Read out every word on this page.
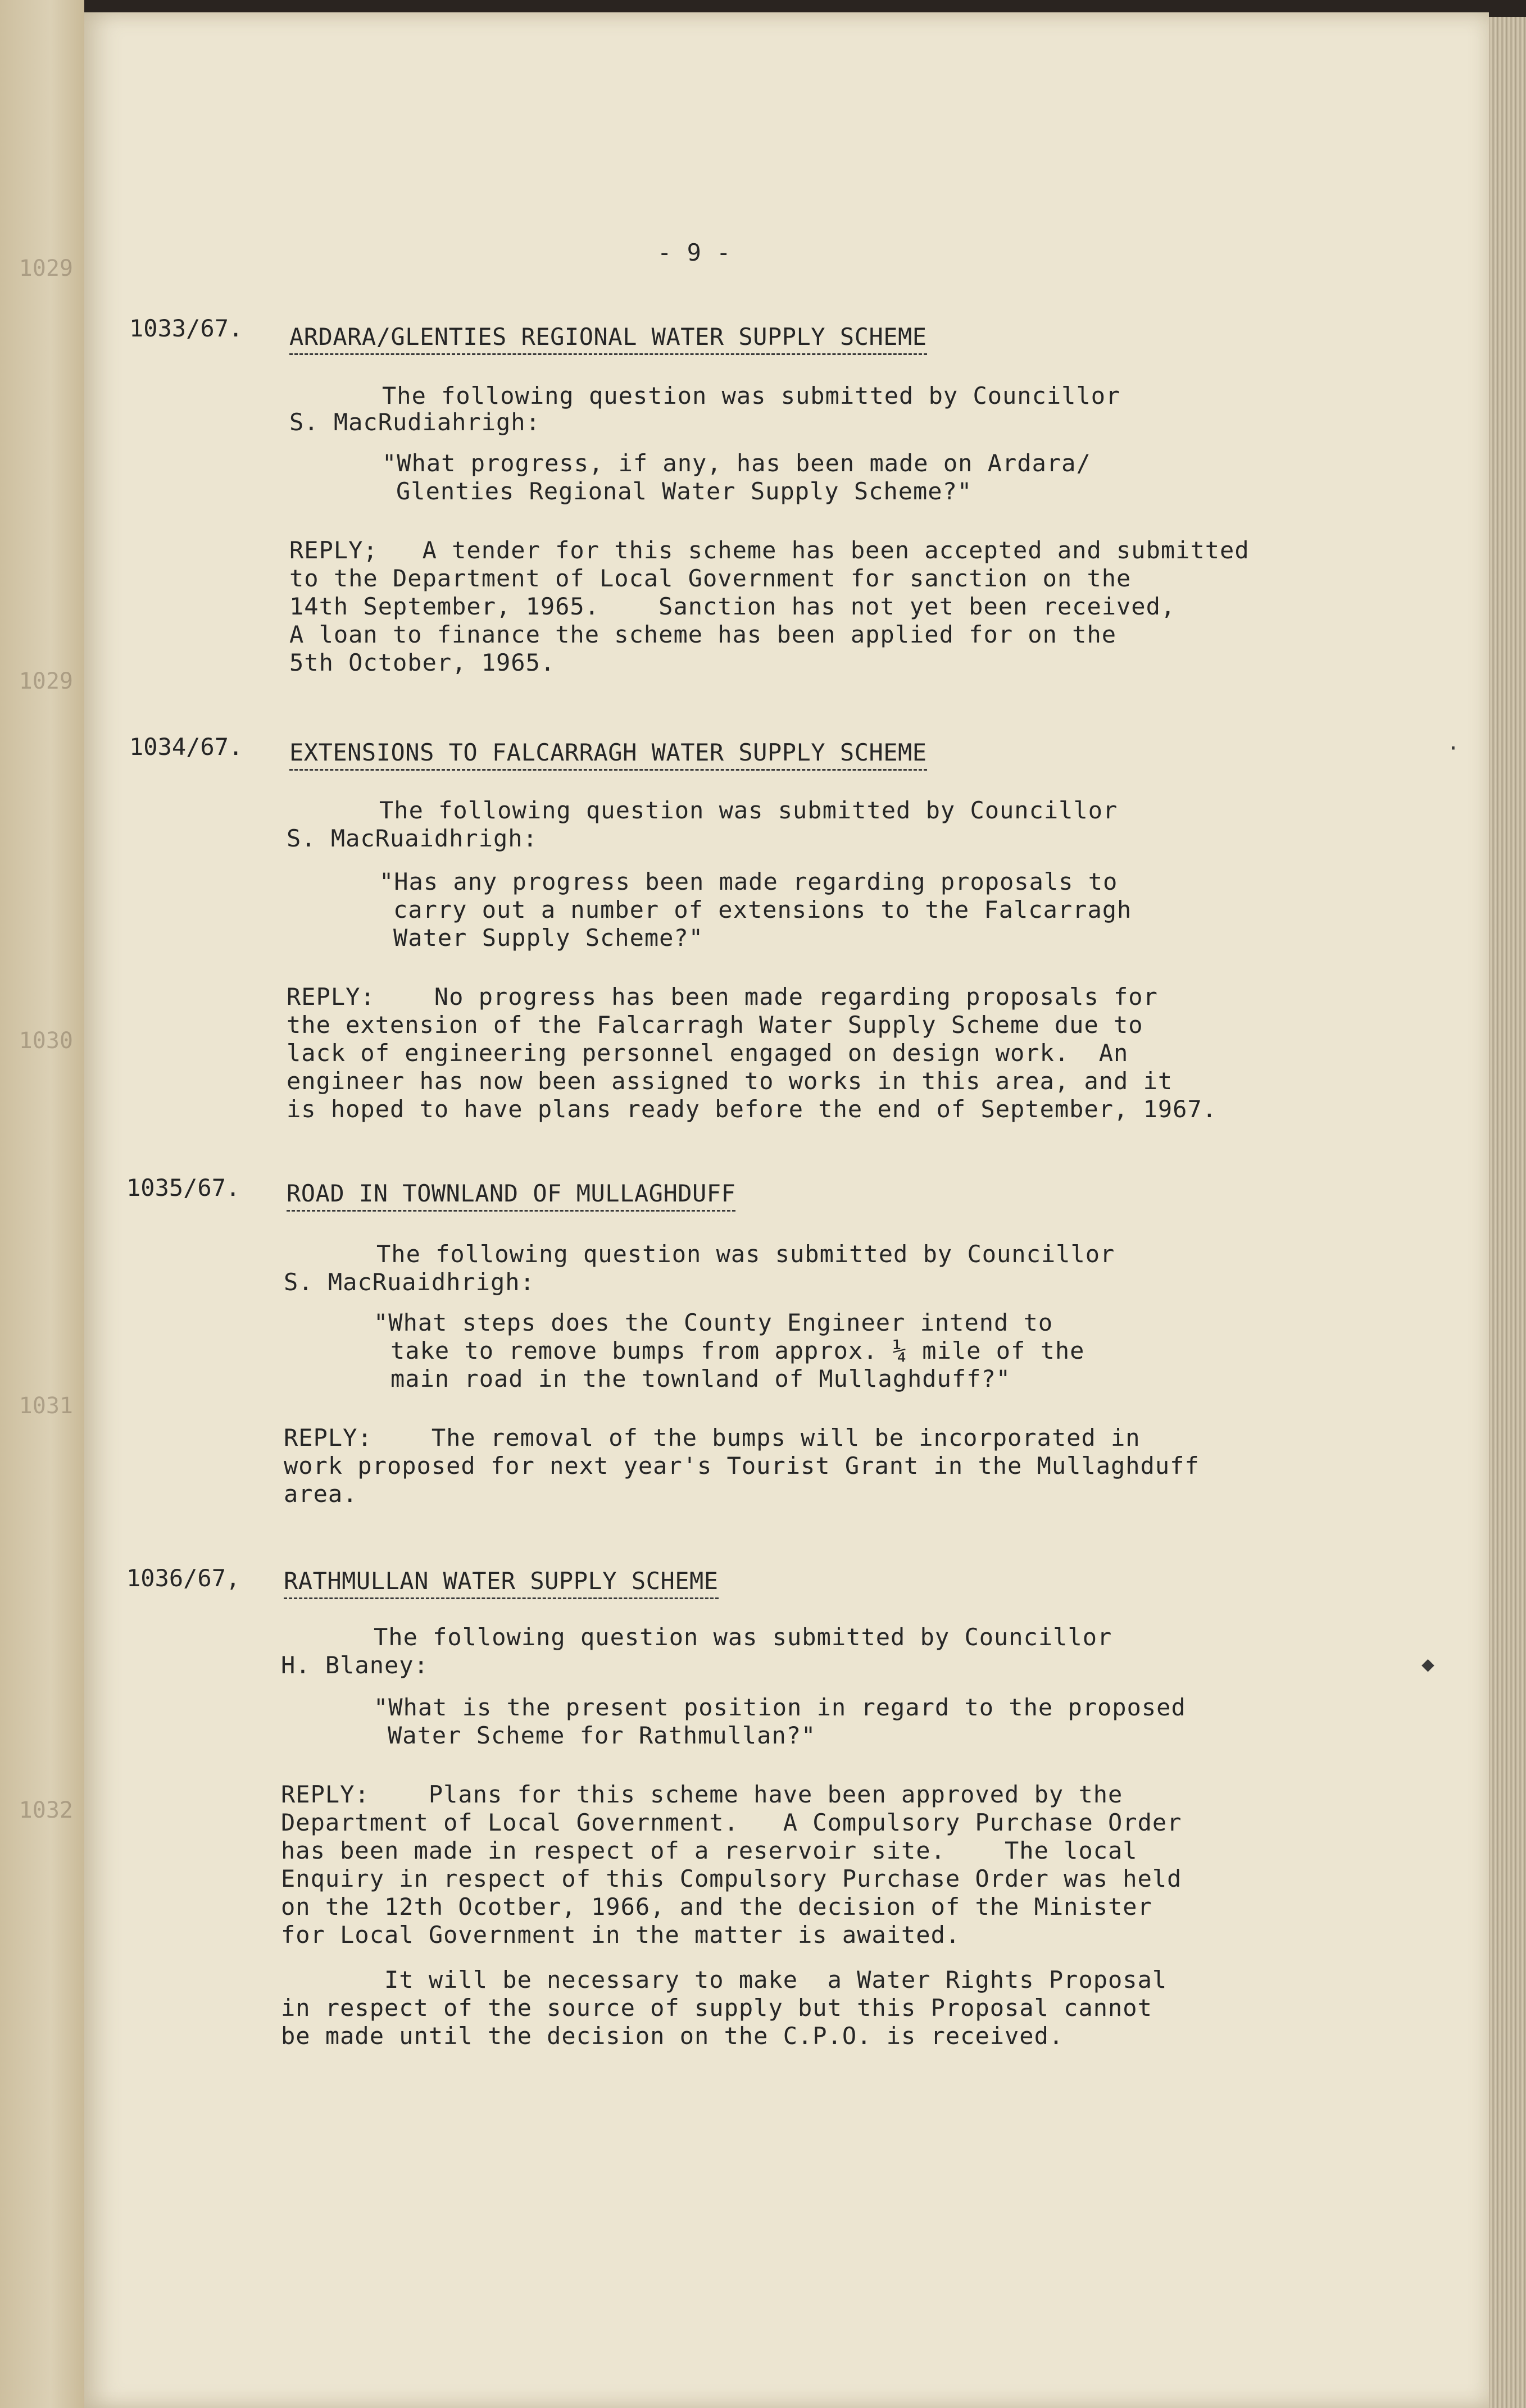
1029
1029
1030
1031
1032
- 9 -
1033/67. ARDARA/GLENTIES REGIONAL WATER SUPPLY SCHEME
The following question was submitted by Councillor
S. MacRudiahrigh:
"What progress, if any, has been made on Ardara/
Glenties Regional Water Supply Scheme?"
REPLY;   A tender for this scheme has been accepted and submitted
to the Department of Local Government for sanction on the
14th September, 1965.    Sanction has not yet been received,
A loan to finance the scheme has been applied for on the
5th October, 1965.
1034/67. EXTENSIONS TO FALCARRAGH WATER SUPPLY SCHEME
The following question was submitted by Councillor
S. MacRuaidhrigh:
"Has any progress been made regarding proposals to
carry out a number of extensions to the Falcarragh
Water Supply Scheme?"
REPLY:    No progress has been made regarding proposals for
the extension of the Falcarragh Water Supply Scheme due to
lack of engineering personnel engaged on design work.  An
engineer has now been assigned to works in this area, and it
is hoped to have plans ready before the end of September, 1967.
1035/67. ROAD IN TOWNLAND OF MULLAGHDUFF
The following question was submitted by Councillor
S. MacRuaidhrigh:
"What steps does the County Engineer intend to
take to remove bumps from approx. ¼ mile of the
main road in the townland of Mullaghduff?"
REPLY:    The removal of the bumps will be incorporated in
work proposed for next year's Tourist Grant in the Mullaghduff
area.
1036/67, RATHMULLAN WATER SUPPLY SCHEME
The following question was submitted by Councillor
H. Blaney:
"What is the present position in regard to the proposed
Water Scheme for Rathmullan?"
REPLY:    Plans for this scheme have been approved by the
Department of Local Government.   A Compulsory Purchase Order
has been made in respect of a reservoir site.    The local
Enquiry in respect of this Compulsory Purchase Order was held
on the 12th Ocotber, 1966, and the decision of the Minister
for Local Government in the matter is awaited.
It will be necessary to make  a Water Rights Proposal
in respect of the source of supply but this Proposal cannot
be made until the decision on the C.P.O. is received.
·
◆
